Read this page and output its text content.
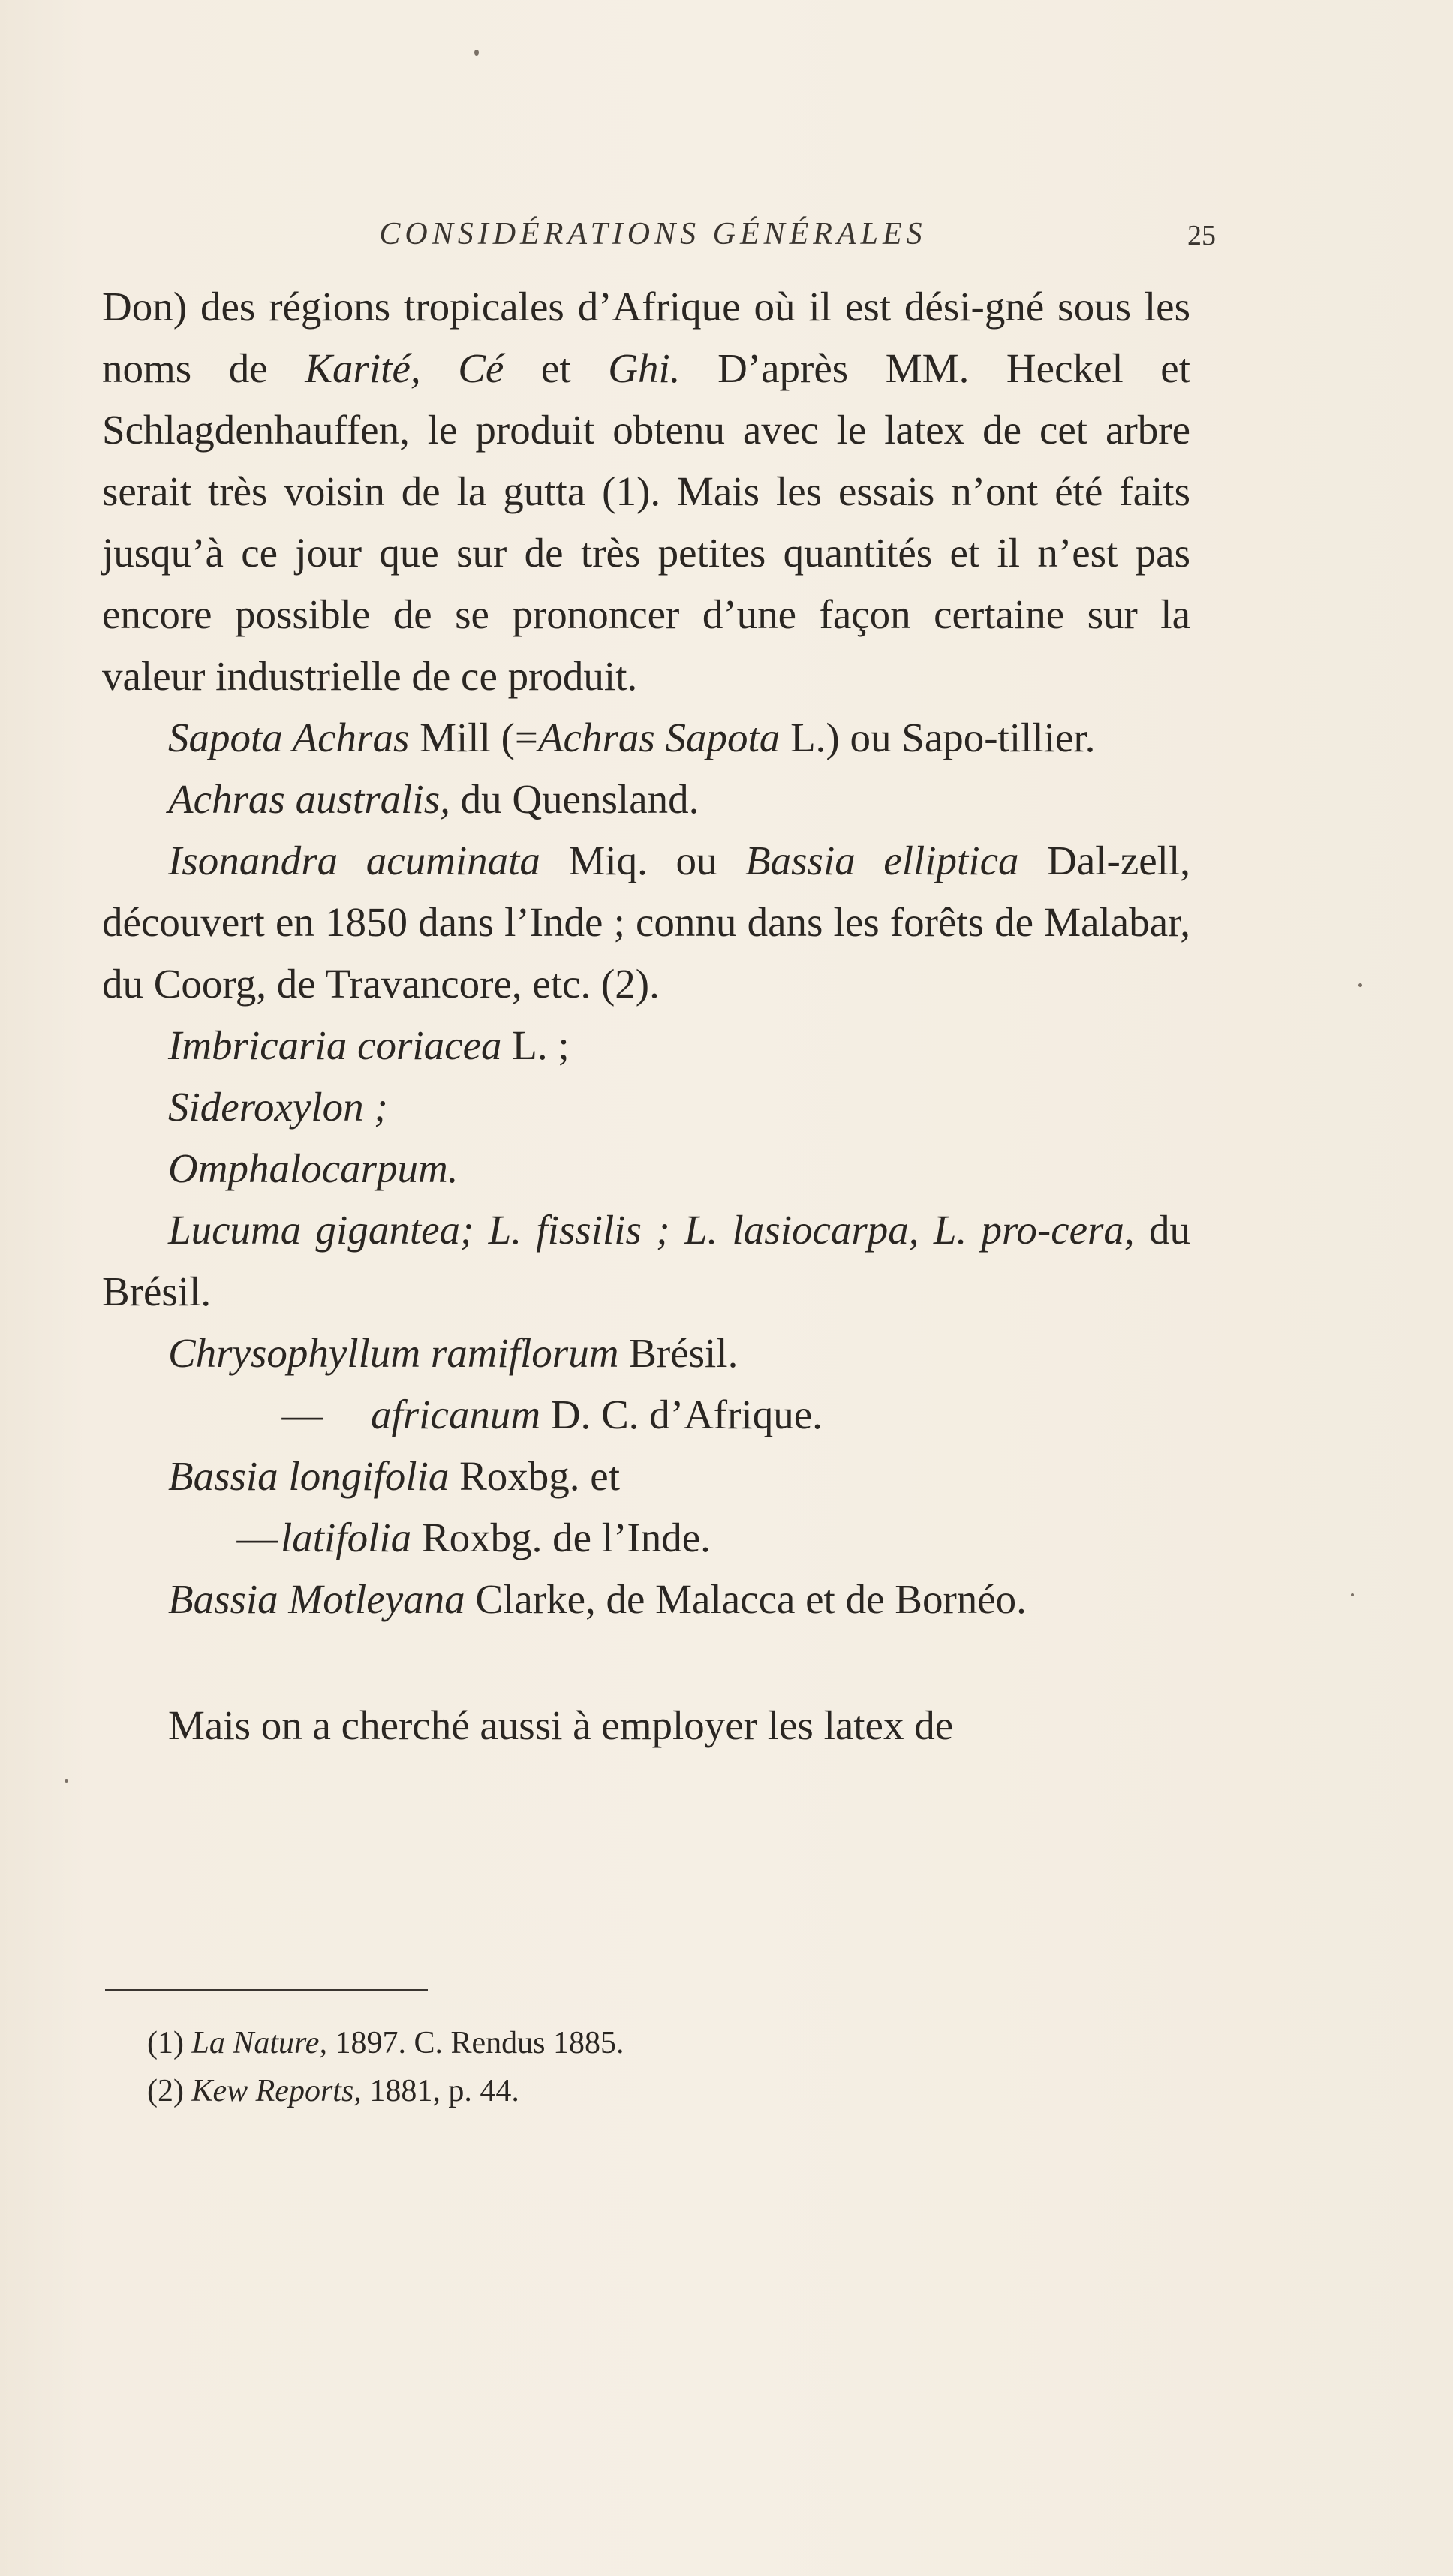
CONSIDÉRATIONS GÉNÉRALES	25

Don) des régions tropicales d’Afrique où il est dési-gné sous les noms de Karité, Cé et Ghi. D’après MM. Heckel et Schlagdenhauffen, le produit obtenu avec le latex de cet arbre serait très voisin de la gutta (1). Mais les essais n’ont été faits jusqu’à ce jour que sur de très petites quantités et il n’est pas encore possible de se prononcer d’une façon certaine sur la valeur industrielle de ce produit.

Sapota Achras Mill (=Achras Sapota L.) ou Sapo-tillier.

Achras australis, du Quensland.

Isonandra acuminata Miq. ou Bassia elliptica Dal-zell, découvert en 1850 dans l’Inde ; connu dans les forêts de Malabar, du Coorg, de Travancore, etc. (2).

Imbricaria coriacea L. ;

Sideroxylon ;

Omphalocarpum.

Lucuma gigantea; L. fissilis ; L. lasiocarpa, L. pro-cera, du Brésil.

Chrysophyllum ramiflorum Brésil.

— africanum D. C. d’Afrique.

Bassia longifolia Roxbg. et

—latifolia Roxbg. de l’Inde.

Bassia Motleyana Clarke, de Malacca et de Bornéo.

Mais on a cherché aussi à employer les latex de

(1) La Nature, 1897. C. Rendus 1885.

(2) Kew Reports, 1881, p. 44.
